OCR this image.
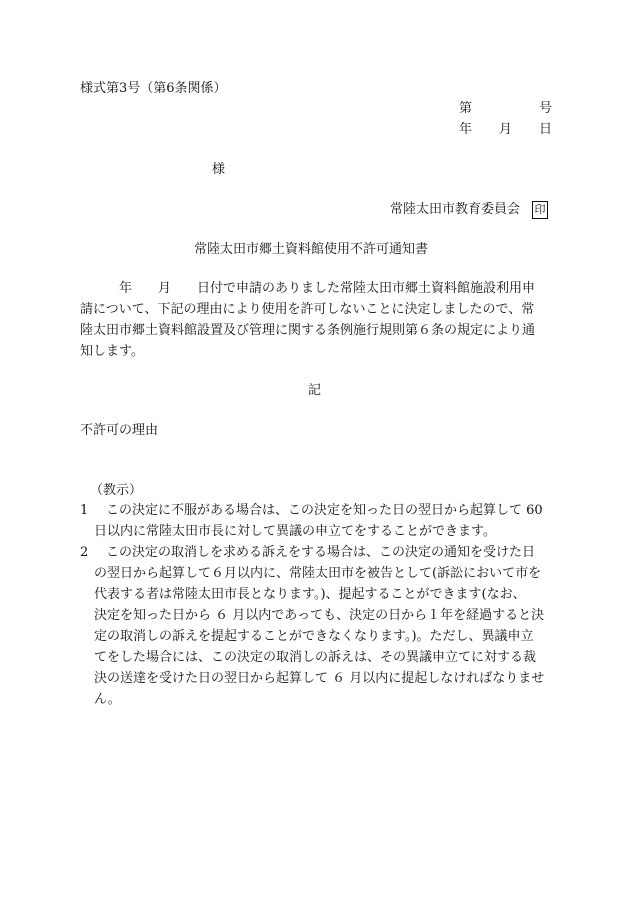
様式第3号（第6条関係）
第	号
年 月 日
様
常陸太田市教育委員会 印
常陸太田市郷土資料館使用不許可通知書
　　　年　　月　　日付で申請のありました常陸太田市郷土資料館施設利用申
請について、下記の理由により使用を許可しないことに決定しましたので、常
陸太田市郷土資料館設置及び管理に関する条例施行規則第６条の規定により通
知します。
記
不許可の理由
（教示）
1	この決定に不服がある場合は、この決定を知った日の翌日から起算して 60
日以内に常陸太田市長に対して異議の申立てをすることができます。
2	この決定の取消しを求める訴えをする場合は、この決定の通知を受けた日
の翌日から起算して６月以内に、常陸太田市を被告として(訴訟において市を
代表する者は常陸太田市長となります。)、提起することができます(なお、
決定を知った日から ６ 月以内であっても、決定の日から１年を経過すると決
定の取消しの訴えを提起することができなくなります。)。ただし、異議申立
てをした場合には、この決定の取消しの訴えは、その異議申立てに対する裁
決の送達を受けた日の翌日から起算して ６ 月以内に提起しなければなりませ
ん。
